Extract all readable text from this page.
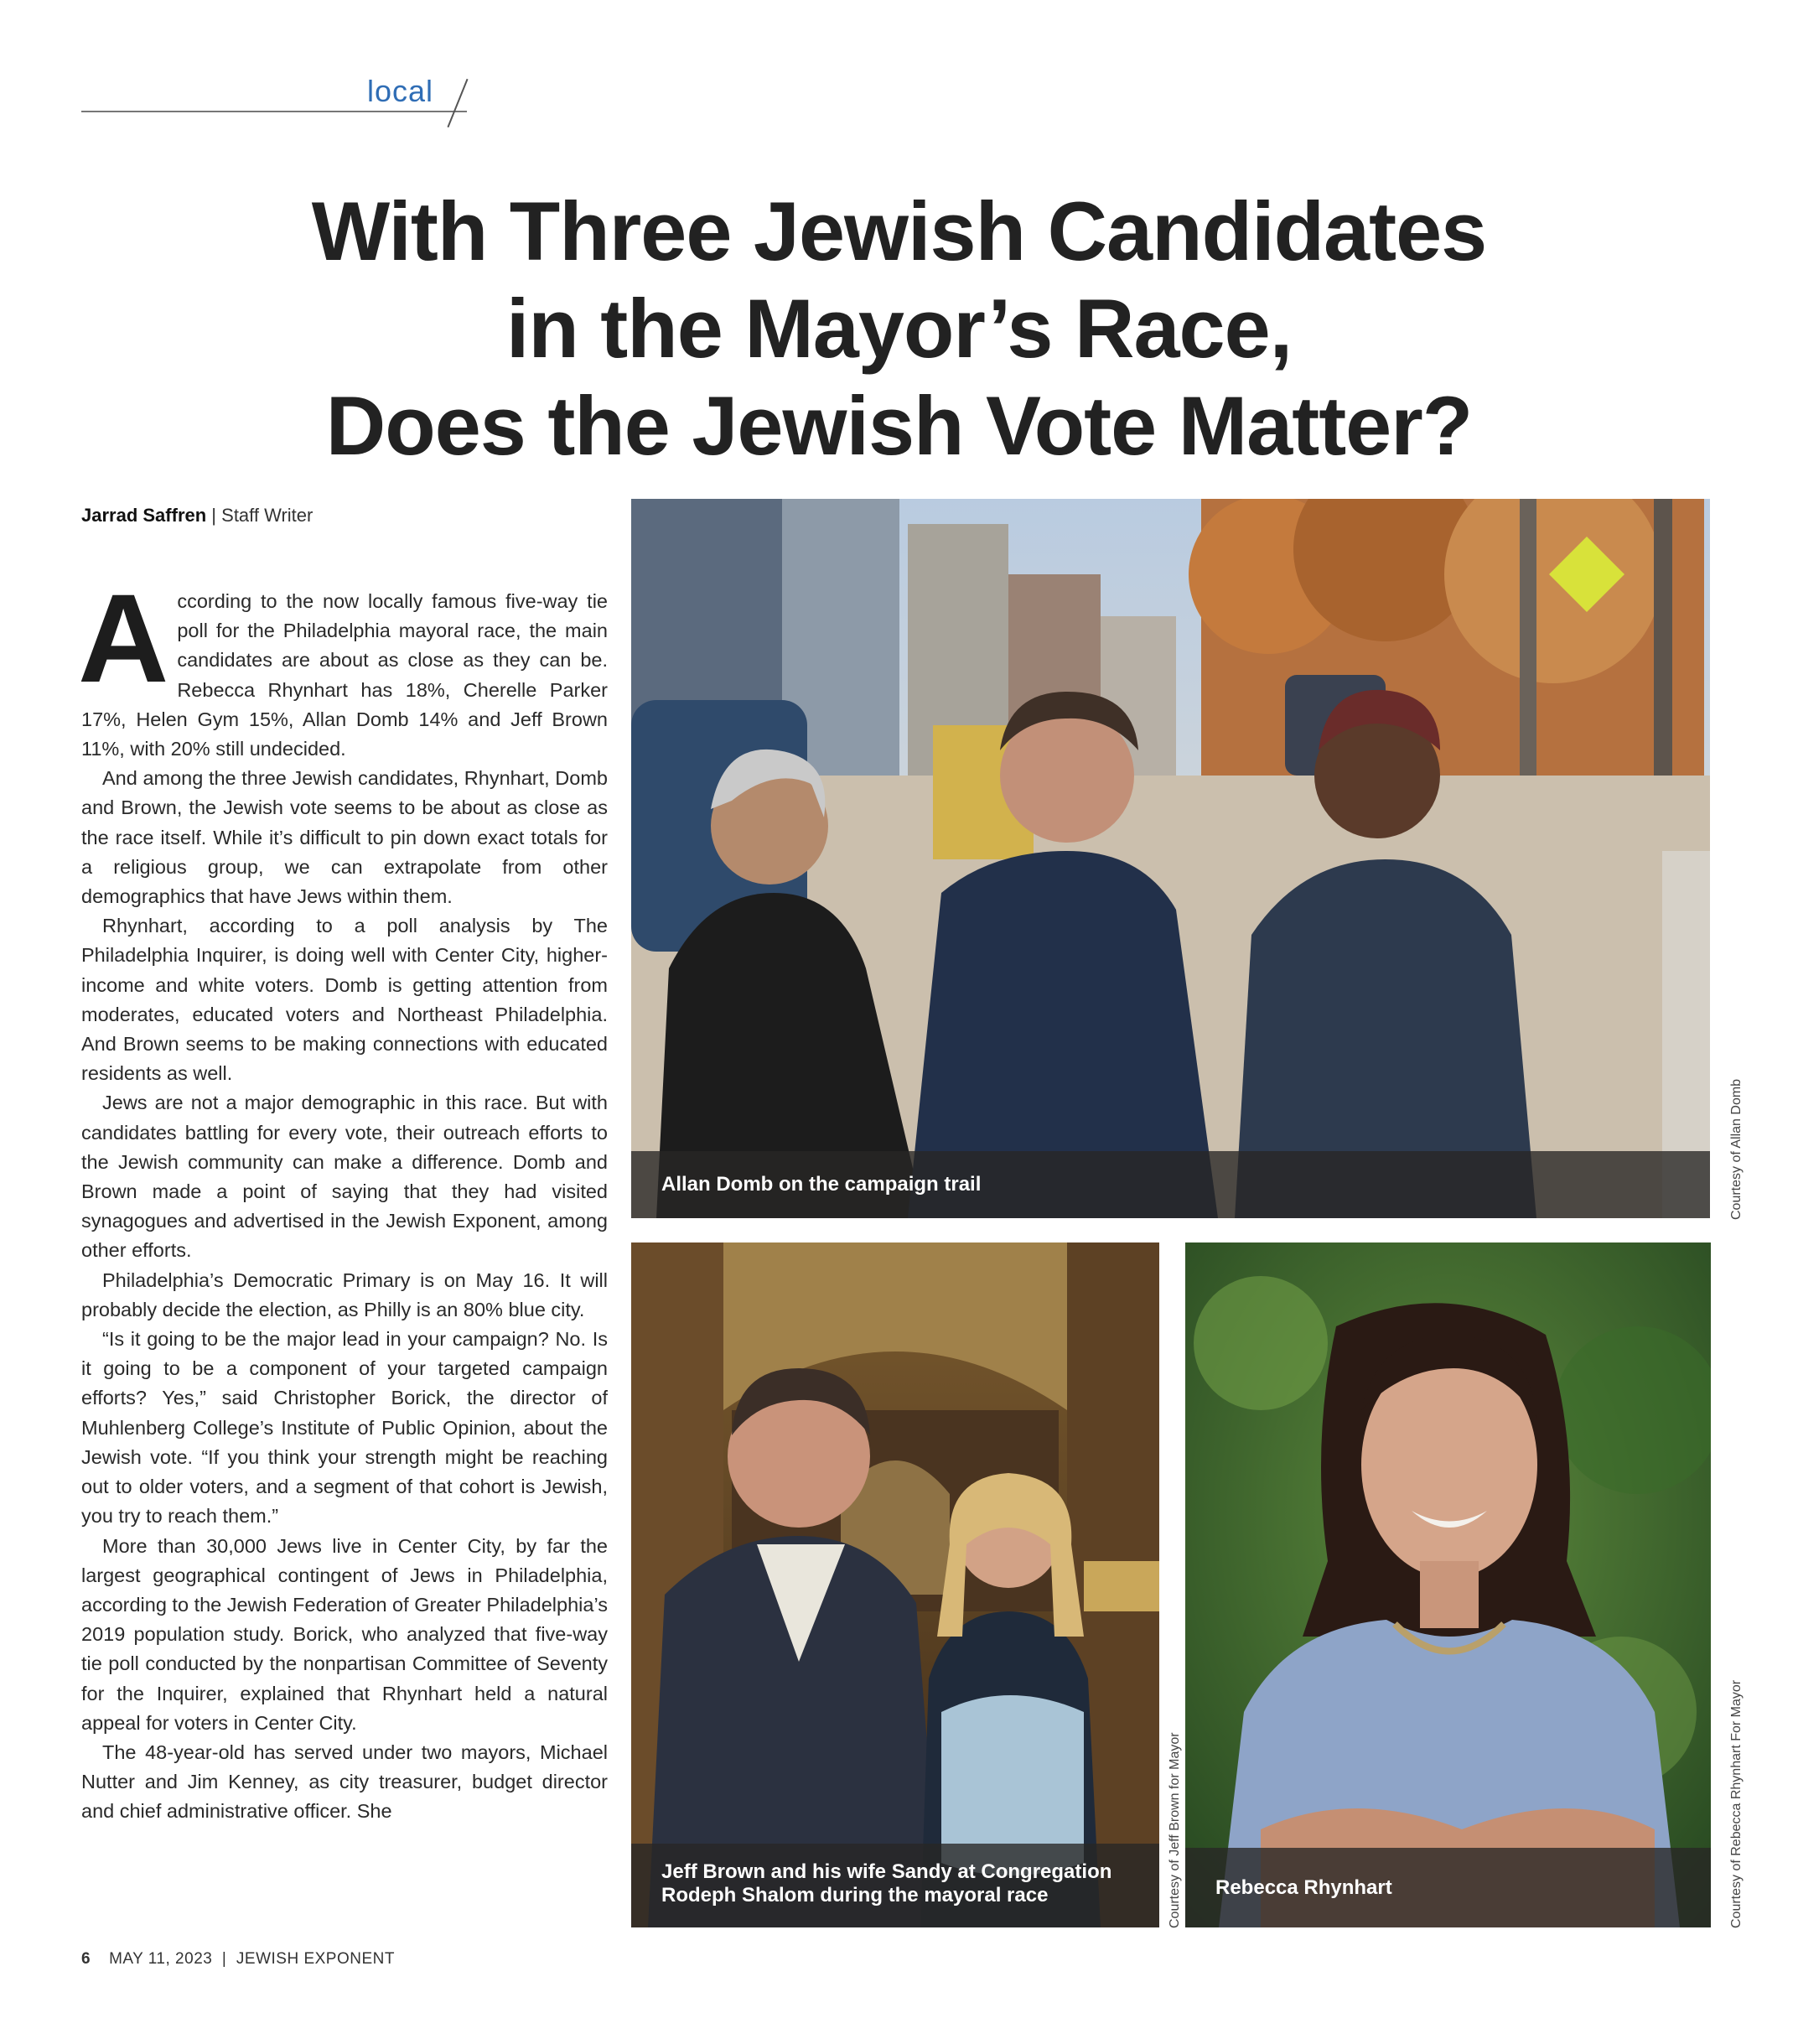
local
With Three Jewish Candidates
in the Mayor’s Race,
Does the Jewish Vote Matter?
Jarrad Saffren | Staff Writer

According to the now locally famous five-way tie poll for the Philadelphia mayoral race, the main candidates are about as close as they can be. Rebecca Rhynhart has 18%, Cherelle Parker 17%, Helen Gym 15%, Allan Domb 14% and Jeff Brown 11%, with 20% still undecided.

And among the three Jewish candidates, Rhynhart, Domb and Brown, the Jewish vote seems to be about as close as the race itself. While it’s difficult to pin down exact totals for a religious group, we can extrapolate from other demographics that have Jews within them.

Rhynhart, according to a poll analysis by The Philadelphia Inquirer, is doing well with Center City, higher-income and white voters. Domb is getting attention from moderates, educated voters and Northeast Philadelphia. And Brown seems to be making connections with educated residents as well.

Jews are not a major demographic in this race. But with candidates battling for every vote, their outreach efforts to the Jewish community can make a difference. Domb and Brown made a point of saying that they had visited synagogues and advertised in the Jewish Exponent, among other efforts.

Philadelphia’s Democratic Primary is on May 16. It will probably decide the election, as Philly is an 80% blue city.

“Is it going to be the major lead in your campaign? No. Is it going to be a component of your targeted campaign efforts? Yes,” said Christopher Borick, the director of Muhlenberg College’s Institute of Public Opinion, about the Jewish vote. “If you think your strength might be reaching out to older voters, and a segment of that cohort is Jewish, you try to reach them.”

More than 30,000 Jews live in Center City, by far the largest geographical contingent of Jews in Philadelphia, according to the Jewish Federation of Greater Philadelphia’s 2019 population study. Borick, who analyzed that five-way tie poll conducted by the nonpartisan Committee of Seventy for the Inquirer, explained that Rhynhart held a natural appeal for voters in Center City.

The 48-year-old has served under two mayors, Michael Nutter and Jim Kenney, as city treasurer, budget director and chief administrative officer. She

Allan Domb on the campaign trail	Courtesy of Allan Domb
Jeff Brown and his wife Sandy at Congregation
Rodeph Shalom during the mayoral race	Courtesy of Jeff Brown for Mayor	Rebecca Rhynhart	Courtesy of Rebecca Rhynhart For Mayor
6 MAY 11, 2023 | JEWISH EXPONENT
